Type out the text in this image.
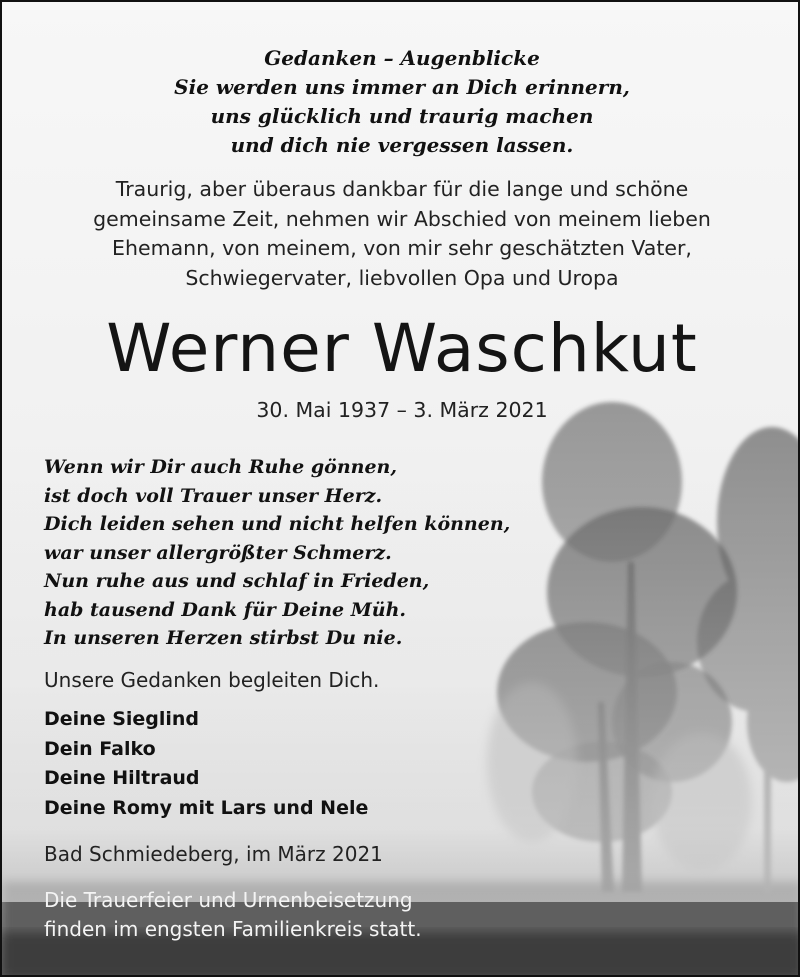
Gedanken – Augenblicke
Sie werden uns immer an Dich erinnern,
uns glücklich und traurig machen
und dich nie vergessen lassen.
Traurig, aber überaus dankbar für die lange und schöne
gemeinsame Zeit, nehmen wir Abschied von meinem lieben
Ehemann, von meinem, von mir sehr geschätzten Vater,
Schwiegervater, liebvollen Opa und Uropa
Werner Waschkut
30. Mai 1937 – 3. März 2021
Wenn wir Dir auch Ruhe gönnen,
ist doch voll Trauer unser Herz.
Dich leiden sehen und nicht helfen können,
war unser allergrößter Schmerz.
Nun ruhe aus und schlaf in Frieden,
hab tausend Dank für Deine Müh.
In unseren Herzen stirbst Du nie.
Unsere Gedanken begleiten Dich.
Deine Sieglind
Dein Falko
Deine Hiltraud
Deine Romy mit Lars und Nele
Bad Schmiedeberg, im März 2021
Die Trauerfeier und Urnenbeisetzung
finden im engsten Familienkreis statt.
